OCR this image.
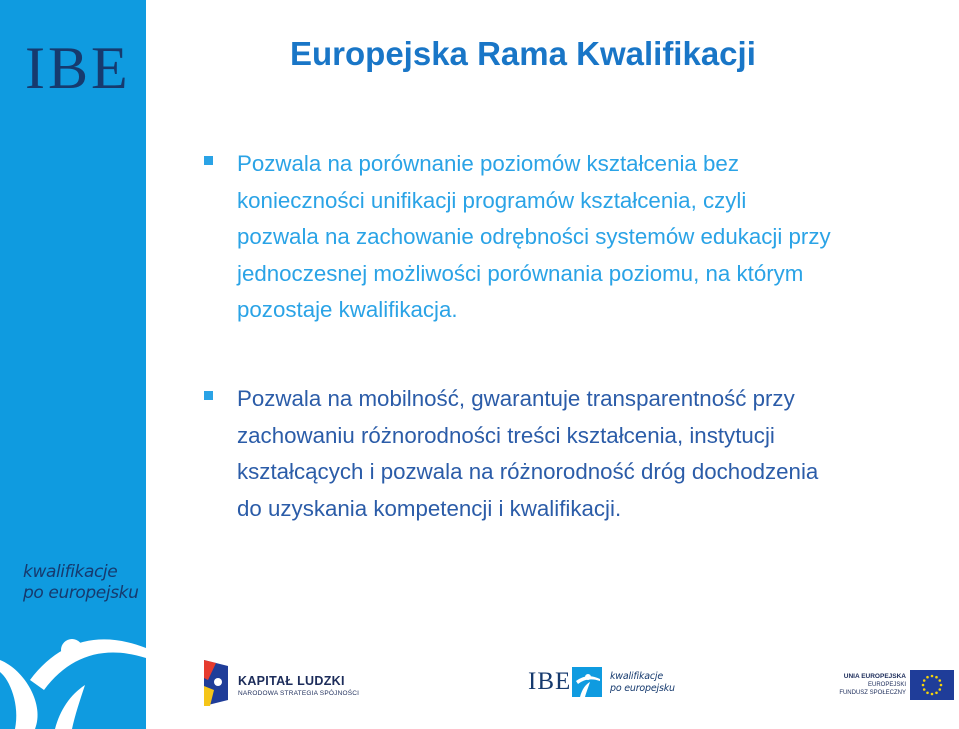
IBE
kwalifikacje
po europejsku
Europejska Rama Kwalifikacji
Pozwala na porównanie poziomów kształcenia bez
konieczności unifikacji programów kształcenia, czyli
pozwala na zachowanie odrębności systemów edukacji przy
jednoczesnej możliwości porównania poziomu, na którym
pozostaje kwalifikacja.
Pozwala na mobilność, gwarantuje transparentność przy
zachowaniu różnorodności treści kształcenia, instytucji
kształcących i pozwala na różnorodność dróg dochodzenia
do uzyskania kompetencji i kwalifikacji.
KAPITAŁ LUDZKI
NARODOWA STRATEGIA SPÓJNOŚCI	IBE	kwalifikacje
po europejsku
UNIA EUROPEJSKA
EUROPEJSKI
FUNDUSZ SPOŁECZNY
